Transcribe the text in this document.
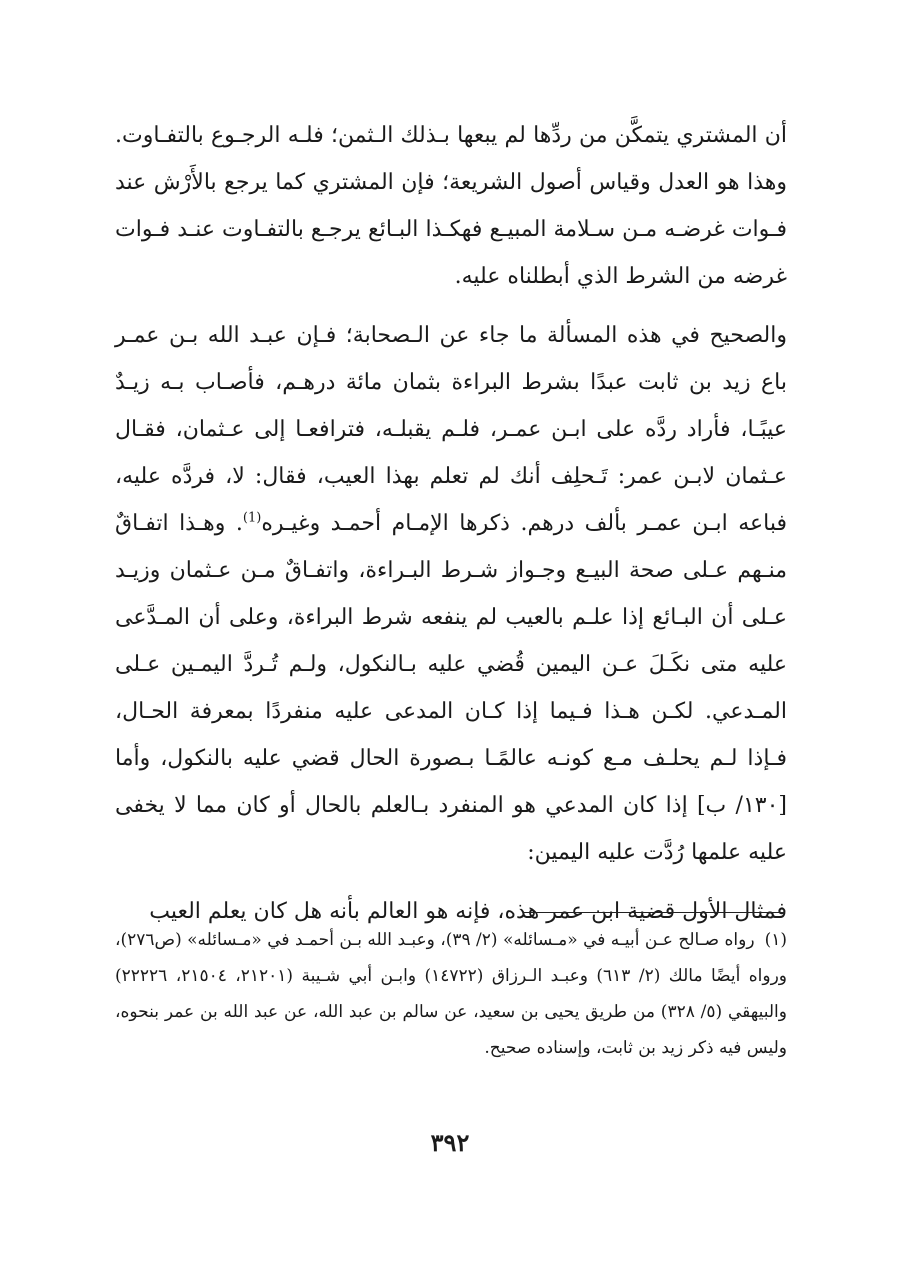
أن المشتري يتمكَّن من ردِّها لم يبعها بـذلك الـثمن؛ فلـه الرجـوع بالتفـاوت. وهذا هو العدل وقياس أصول الشريعة؛ فإن المشتري كما يرجع بالأَرْش عند فـوات غرضـه مـن سـلامة المبيـع فهكـذا البـائع يرجـع بالتفـاوت عنـد فـوات غرضه من الشرط الذي أبطلناه عليه.

والصحيح في هذه المسألة ما جاء عن الـصحابة؛ فـإن عبـد الله بـن عمـر باع زيد بن ثابت عبدًا بشرط البراءة بثمان مائة درهـم، فأصـاب بـه زيـدٌ عيبًـا، فأراد ردَّه على ابـن عمـر، فلـم يقبلـه، فترافعـا إلى عـثمان، فقـال عـثمان لابـن عمر: تَـحلِف أنك لم تعلم بهذا العيب، فقال: لا، فردَّه عليه، فباعه ابـن عمـر بألف درهم. ذكرها الإمـام أحمـد وغيـره$^{(1)}$. وهـذا اتفـاقٌ منـهم عـلى صحة البيـع وجـواز شـرط البـراءة، واتفـاقٌ مـن عـثمان وزيـد عـلى أن البـائع إذا علـم بالعيب لم ينفعه شرط البراءة، وعلى أن المـدَّعى عليه متى نكَـلَ عـن اليمين قُضي عليه بـالنكول، ولـم تُـردَّ اليمـين عـلى المـدعي. لكـن هـذا فـيما إذا كـان المدعى عليه منفردًا بمعرفة الحـال، فـإذا لـم يحلـف مـع كونـه عالمًـا بـصورة الحال قضي عليه بالنكول، وأما [١٣٠/ ب] إذا كان المدعي هو المنفرد بـالعلم بالحال أو كان مما لا يخفى عليه علمها رُدَّت عليه اليمين:

فمثال الأول قضية ابن عمر هذه، فإنه هو العالم بأنه هل كان يعلم العيب

(١)رواه صـالح عـن أبيـه في «مـسائله» (٢/ ٣٩)، وعبـد الله بـن أحمـد في «مـسائله» (ص٢٧٦)، ورواه أيضًا مالك (٢/ ٦١٣) وعبـد الـرزاق (١٤٧٢٢) وابـن أبي شـيبة (٢١٢٠١، ٢١٥٠٤، ٢٢٢٢٦) والبيهقي (٥/ ٣٢٨) من طريق يحيى بن سعيد، عن سالم بن عبد الله، عن عبد الله بن عمر بنحوه، وليس فيه ذكر زيد بن ثابت، وإسناده صحيح.

٣٩٢
